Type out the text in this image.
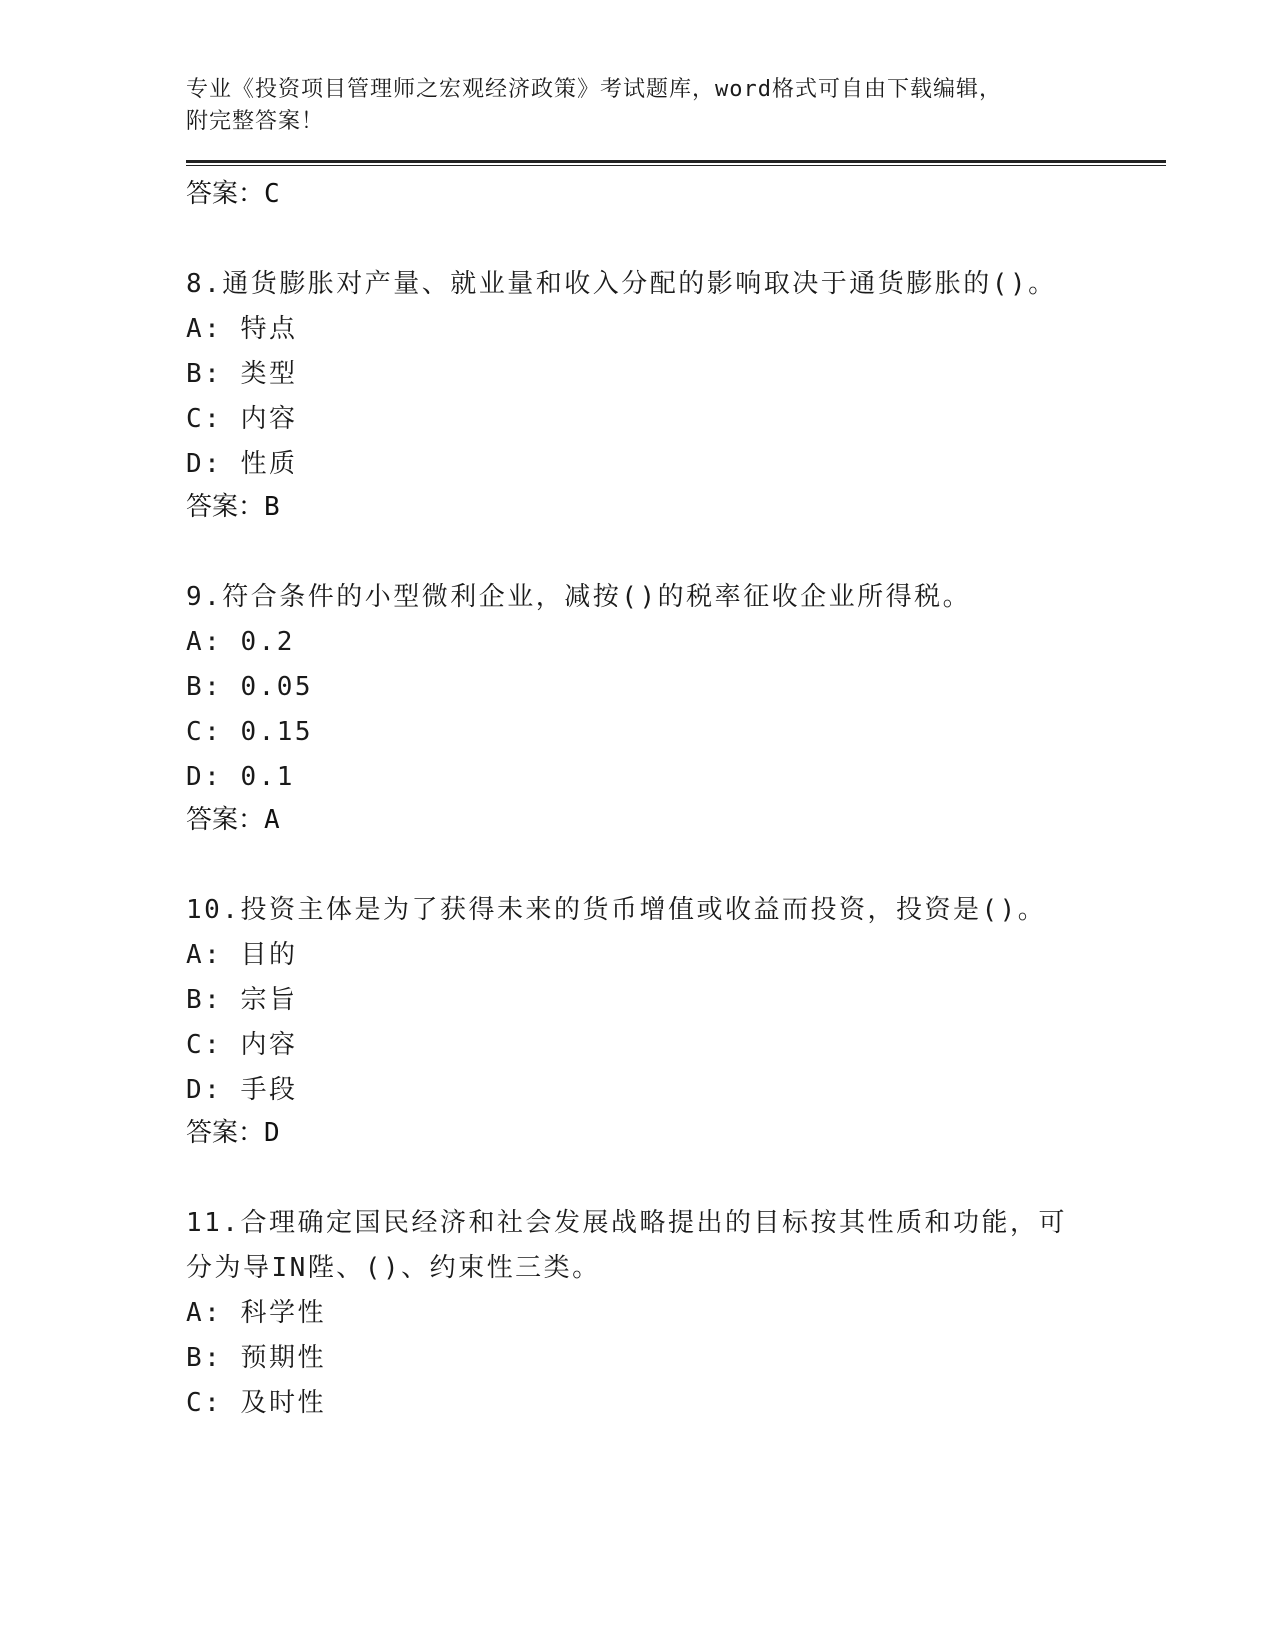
专业《投资项目管理师之宏观经济政策》考试题库，word格式可自由下载编辑，

附完整答案！

答案：C

8.通货膨胀对产量、就业量和收入分配的影响取决于通货膨胀的()。

A: 特点

B: 类型

C: 内容

D: 性质

答案：B

9.符合条件的小型微利企业，减按()的税率征收企业所得税。

A: 0.2

B: 0.05

C: 0.15

D: 0.1

答案：A

10.投资主体是为了获得未来的货币增值或收益而投资，投资是()。

A: 目的

B: 宗旨

C: 内容

D: 手段

答案：D

11.合理确定国民经济和社会发展战略提出的目标按其性质和功能，可

分为导IN陛、()、约束性三类。

A: 科学性

B: 预期性

C: 及时性
